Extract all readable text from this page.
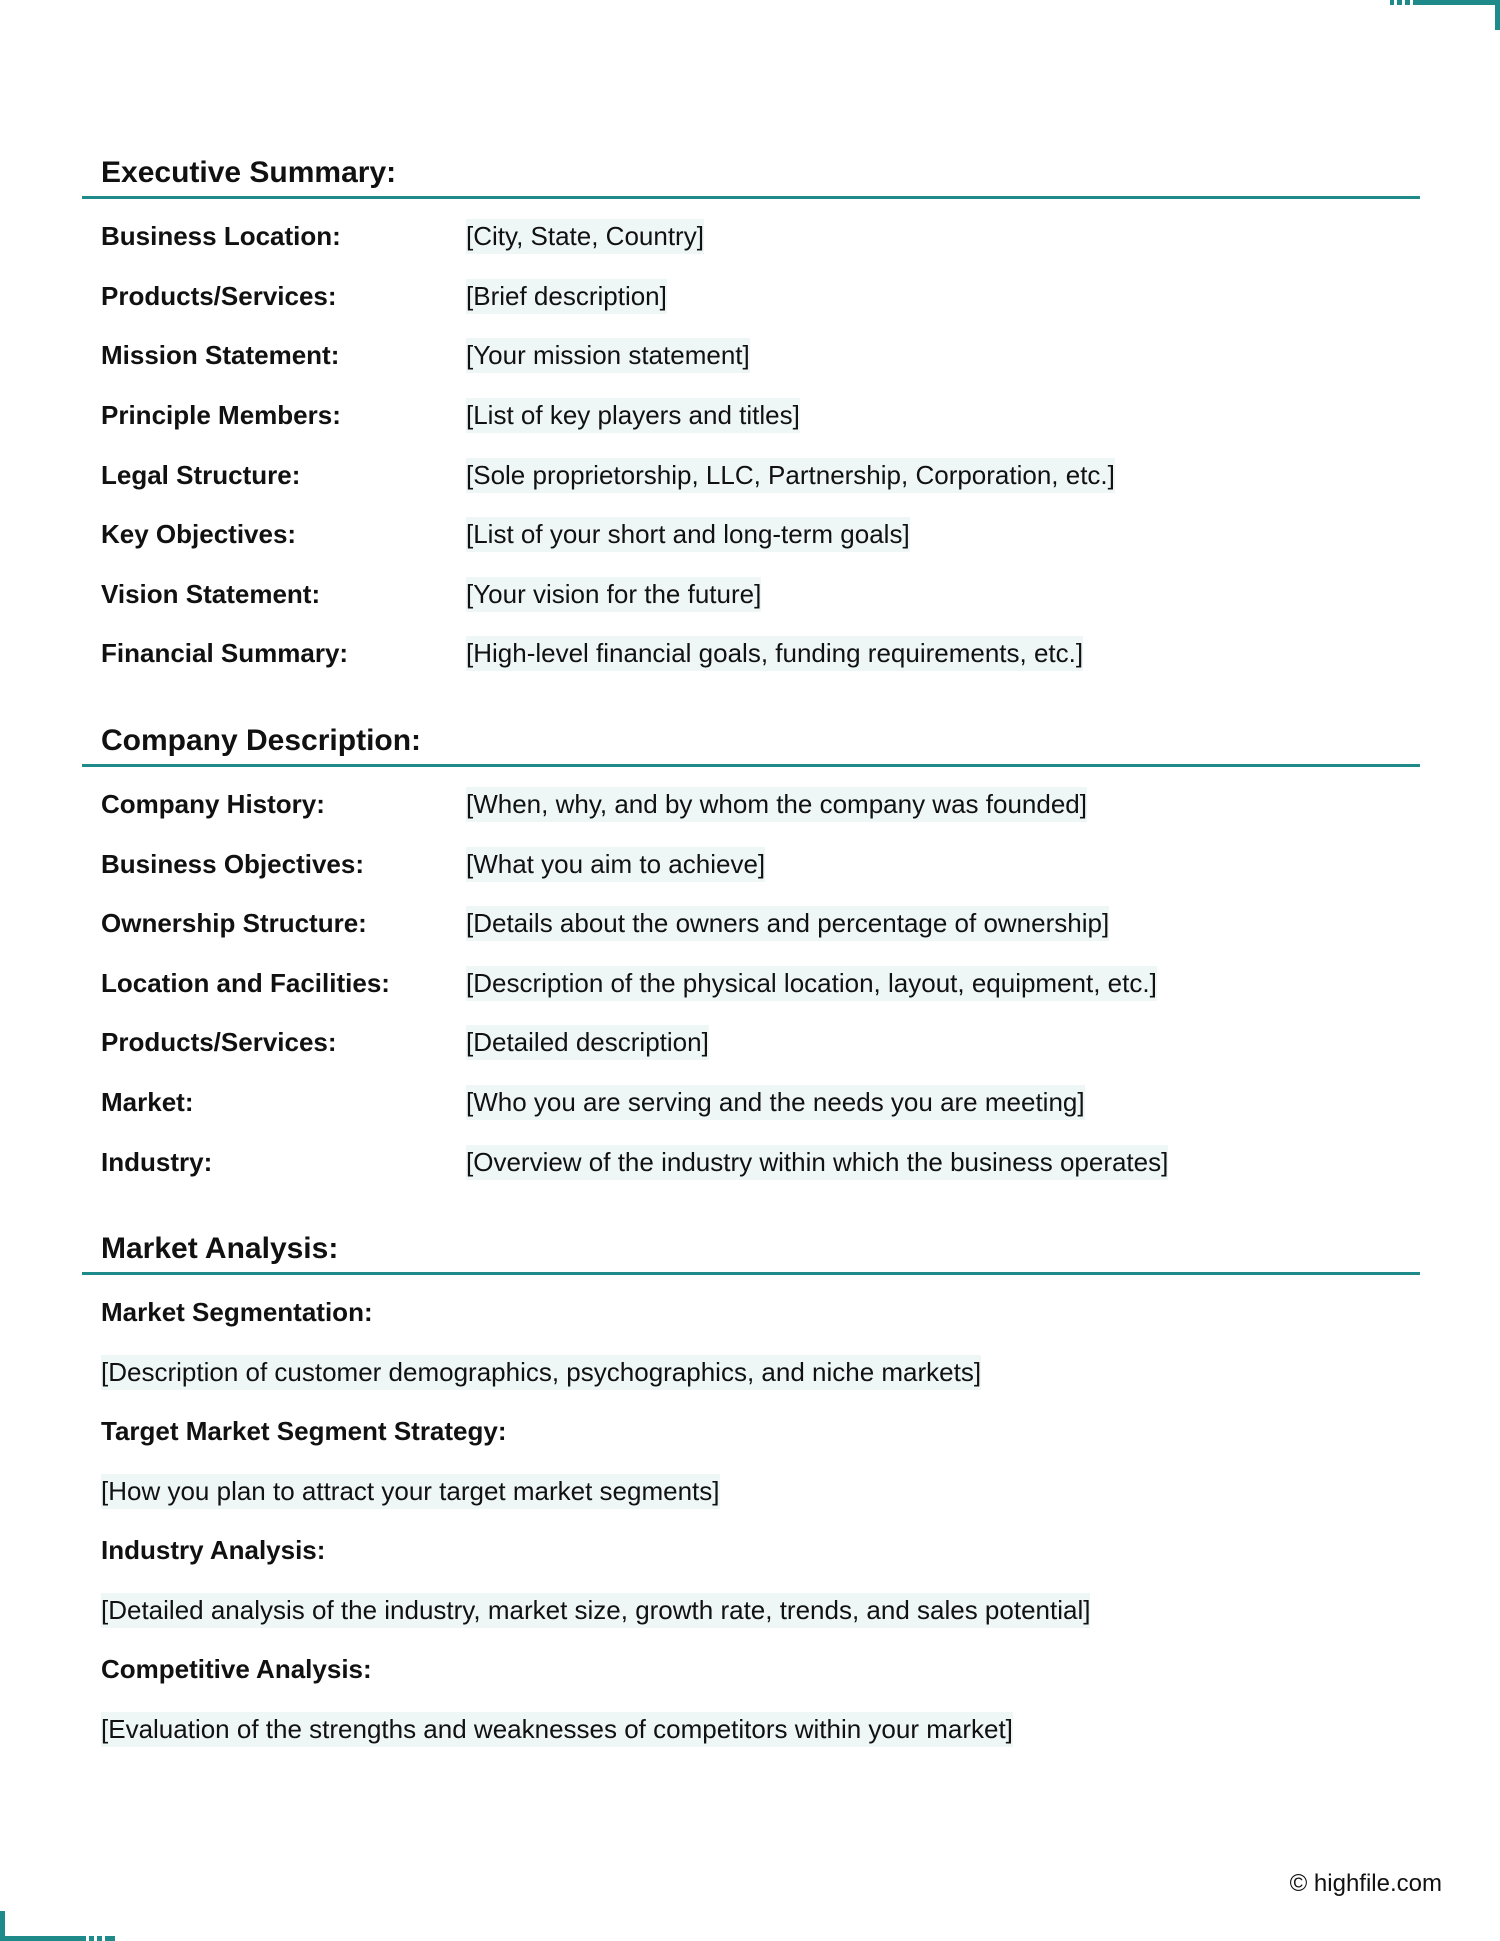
Executive Summary:
Business Location:	[City, State, Country]
Products/Services:	[Brief description]
Mission Statement:	[Your mission statement]
Principle Members:	[List of key players and titles]
Legal Structure:	[Sole proprietorship, LLC, Partnership, Corporation, etc.]
Key Objectives:	[List of your short and long-term goals]
Vision Statement:	[Your vision for the future]
Financial Summary:	[High-level financial goals, funding requirements, etc.]
Company Description:
Company History:	[When, why, and by whom the company was founded]
Business Objectives:	[What you aim to achieve]
Ownership Structure:	[Details about the owners and percentage of ownership]
Location and Facilities:	[Description of the physical location, layout, equipment, etc.]
Products/Services:	[Detailed description]
Market:	[Who you are serving and the needs you are meeting]
Industry:	[Overview of the industry within which the business operates]
Market Analysis:
Market Segmentation:
[Description of customer demographics, psychographics, and niche markets]
Target Market Segment Strategy:
[How you plan to attract your target market segments]
Industry Analysis:
[Detailed analysis of the industry, market size, growth rate, trends, and sales potential]
Competitive Analysis:
[Evaluation of the strengths and weaknesses of competitors within your market]
© highfile.com
